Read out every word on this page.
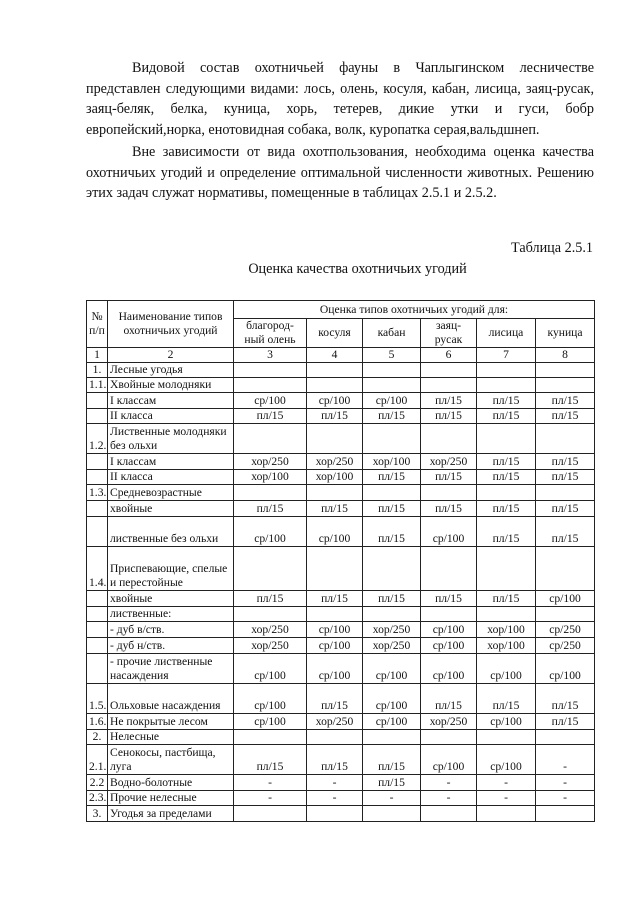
Видовой состав охотничьей фауны в Чаплыгинском лесничестве представлен следующими видами: лось, олень, косуля, кабан, лисица, заяц-русак, заяц-беляк, белка, куница, хорь, тетерев, дикие утки и гуси, бобр европейский,норка, енотовидная собака, волк, куропатка серая,вальдшнеп.

Вне зависимости от вида охотпользования, необходима оценка качества охотничьих угодий и определение оптимальной численности животных. Решению этих задач служат нормативы, помещенные в таблицах 2.5.1 и 2.5.2.

Таблица 2.5.1
Оценка качества охотничьих угодий
№ п/п	Наименование типов охотничьих угодий	Оценка типов охотничьих угодий для:					
		благород-ный олень	косуля	кабан	заяц-русак	лисица	куница
1	2	3	4	5	6	7	8
1.	Лесные угодья						
1.1.	Хвойные молодняки						
	I классам	ср/100	ср/100	ср/100	пл/15	пл/15	пл/15
	II класса	пл/15	пл/15	пл/15	пл/15	пл/15	пл/15
1.2.	Лиственные молодняки без ольхи						
	I классам	хор/250	хор/250	хор/100	хор/250	пл/15	пл/15
	II класса	хор/100	хор/100	пл/15	пл/15	пл/15	пл/15
1.3.	Средневозрастные						
	хвойные	пл/15	пл/15	пл/15	пл/15	пл/15	пл/15
	лиственные без ольхи	ср/100	ср/100	пл/15	ср/100	пл/15	пл/15
1.4.	Приспевающие, спелые и перестойные						
	хвойные	пл/15	пл/15	пл/15	пл/15	пл/15	ср/100
	лиственные:						
	- дуб в/ств.	хор/250	ср/100	хор/250	ср/100	хор/100	ср/250
	- дуб н/ств.	хор/250	ср/100	хор/250	ср/100	хор/100	ср/250
	- прочие лиственные насаждения	ср/100	ср/100	ср/100	ср/100	ср/100	ср/100
1.5.	Ольховые насаждения	ср/100	пл/15	ср/100	пл/15	пл/15	пл/15
1.6.	Не покрытые лесом	ср/100	хор/250	ср/100	хор/250	ср/100	пл/15
2.	Нелесные						
2.1.	Сенокосы, пастбища, луга	пл/15	пл/15	пл/15	ср/100	ср/100	-
2.2	Водно-болотные	-	-	пл/15	-	-	-
2.3.	Прочие нелесные	-	-	-	-	-	-
3.	Угодья за пределами						
